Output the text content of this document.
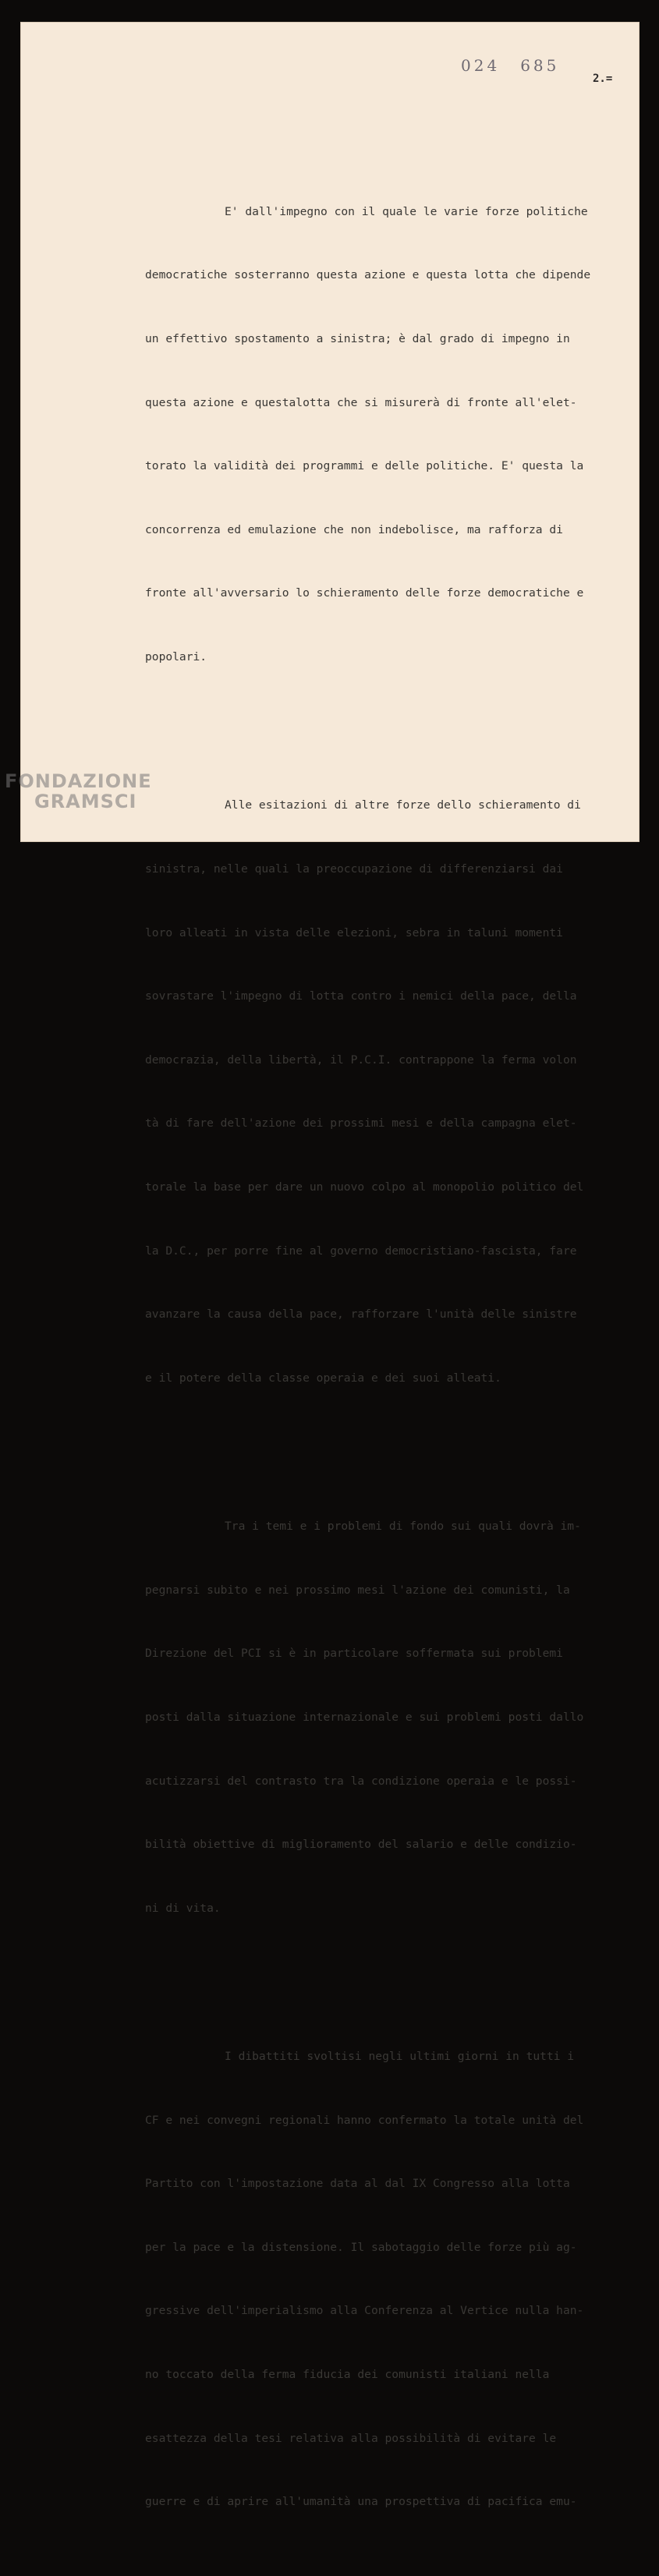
024 685
2.=

E' dall'impegno con il quale le varie forze politiche

democratiche sosterranno questa azione e questa lotta che dipende

un effettivo spostamento a sinistra; è dal grado di impegno in

questa azione e questalotta che si misurerà di fronte all'elet-

torato la validità dei programmi e delle politiche. E' questa la

concorrenza ed emulazione che non indebolisce, ma rafforza di

fronte all'avversario lo schieramento delle forze democratiche e

popolari.

Alle esitazioni di altre forze dello schieramento di

sinistra, nelle quali la preoccupazione di differenziarsi dai

loro alleati in vista delle elezioni, sebra in taluni momenti

sovrastare l'impegno di lotta contro i nemici della pace, della

democrazia, della libertà, il P.C.I. contrappone la ferma volon

tà di fare dell'azione dei prossimi mesi e della campagna elet-

torale la base per dare un nuovo colpo al monopolio politico del

la D.C., per porre fine al governo democristiano-fascista, fare

avanzare la causa della pace, rafforzare l'unità delle sinistre

e il potere della classe operaia e dei suoi alleati.

Tra i temi e i problemi di fondo sui quali dovrà im-

pegnarsi subito e nei prossimo mesi l'azione dei comunisti, la

Direzione del PCI si è in particolare soffermata sui problemi

posti dalla situazione internazionale e sui problemi posti dallo

acutizzarsi del contrasto tra la condizione operaia e le possi-

bilità obiettive di miglioramento del salario e delle condizio-

ni di vita.

I dibattiti svoltisi negli ultimi giorni in tutti i

CF e nei convegni regionali hanno confermato la totale unità del

Partito con l'impostazione data al dal IX Congresso alla lotta

per la pace e la distensione. Il sabotaggio delle forze più ag-

gressive dell'imperialismo alla Conferenza al Vertice nulla han-

no toccato della ferma fiducia dei comunisti italiani nella

esattezza della tesi relativa alla possibilità di evitare le

guerre e di aprire all'umanità una prospettiva di pacifica emu-

FONDAZIONE
GRAMSCI
